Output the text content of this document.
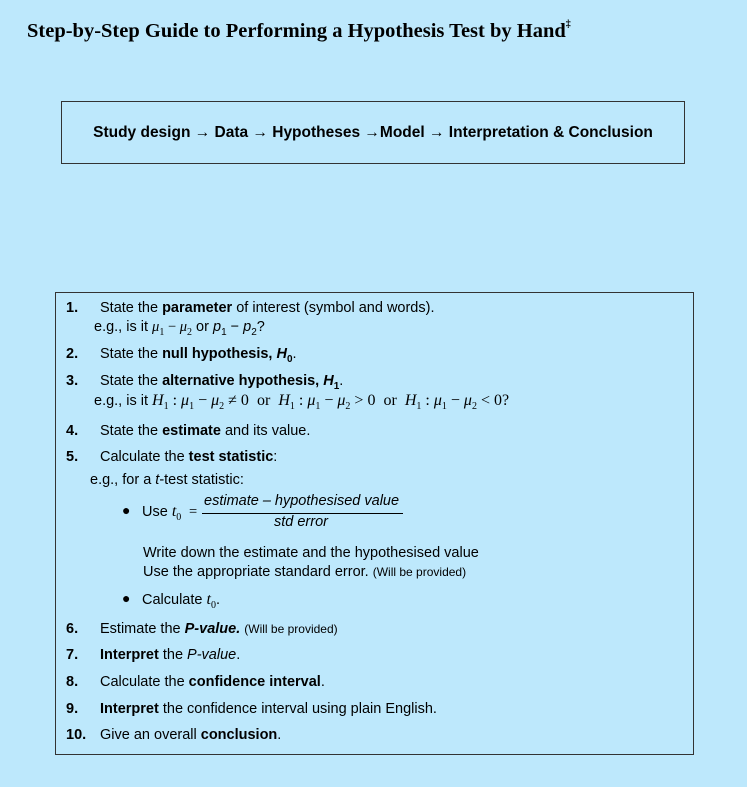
Step-by-Step Guide to Performing a Hypothesis Test by Hand‡
Study design → Data → Hypotheses →Model → Interpretation & Conclusion
1. State the parameter of interest (symbol and words).
e.g., is it $\mu_1 - \mu_2$ or $p_1 - p_2$?
2. State the null hypothesis, $H_0$.
3. State the alternative hypothesis, $H_1$.
e.g., is it $H_1$ : $\mu_1 - \mu_2 \ne 0$ or $H_1$ : $\mu_1 - \mu_2 > 0$ or $H_1$ : $\mu_1 - \mu_2 < 0$?
4. State the estimate and its value.
5. Calculate the test statistic:
e.g., for a t-test statistic:
● Use $t_0$  =
estimate – hypothesised value
std error
Write down the estimate and the hypothesised value
Use the appropriate standard error. (Will be provided)
● Calculate $t_0$.
6. Estimate the P-value. (Will be provided)
7. Interpret the P-value.
8. Calculate the confidence interval.
9. Interpret the confidence interval using plain English.
10. Give an overall conclusion.
